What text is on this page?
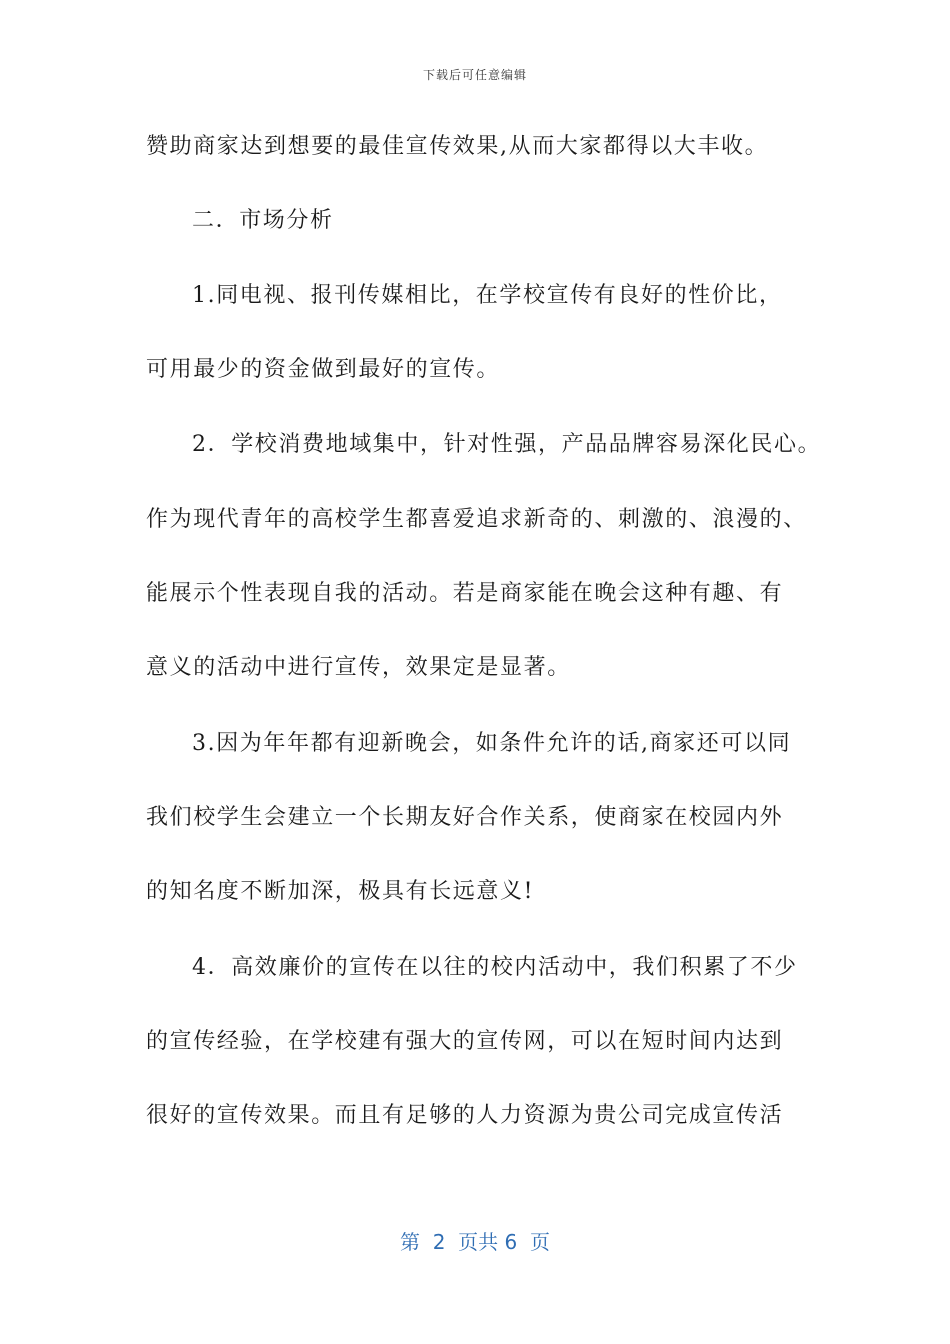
下载后可任意编辑
赞助商家达到想要的最佳宣传效果,从而大家都得以大丰收。
二．市场分析
1.同电视、报刊传媒相比，在学校宣传有良好的性价比，
可用最少的资金做到最好的宣传。
2．学校消费地域集中，针对性强，产品品牌容易深化民心。
作为现代青年的高校学生都喜爱追求新奇的、刺激的、浪漫的、
能展示个性表现自我的活动。若是商家能在晚会这种有趣、有
意义的活动中进行宣传，效果定是显著。
3.因为年年都有迎新晚会，如条件允许的话,商家还可以同
我们校学生会建立一个长期友好合作关系，使商家在校园内外
的知名度不断加深，极具有长远意义!
4．高效廉价的宣传在以往的校内活动中，我们积累了不少
的宣传经验，在学校建有强大的宣传网，可以在短时间内达到
很好的宣传效果。而且有足够的人力资源为贵公司完成宣传活
第  2  页共 6  页
